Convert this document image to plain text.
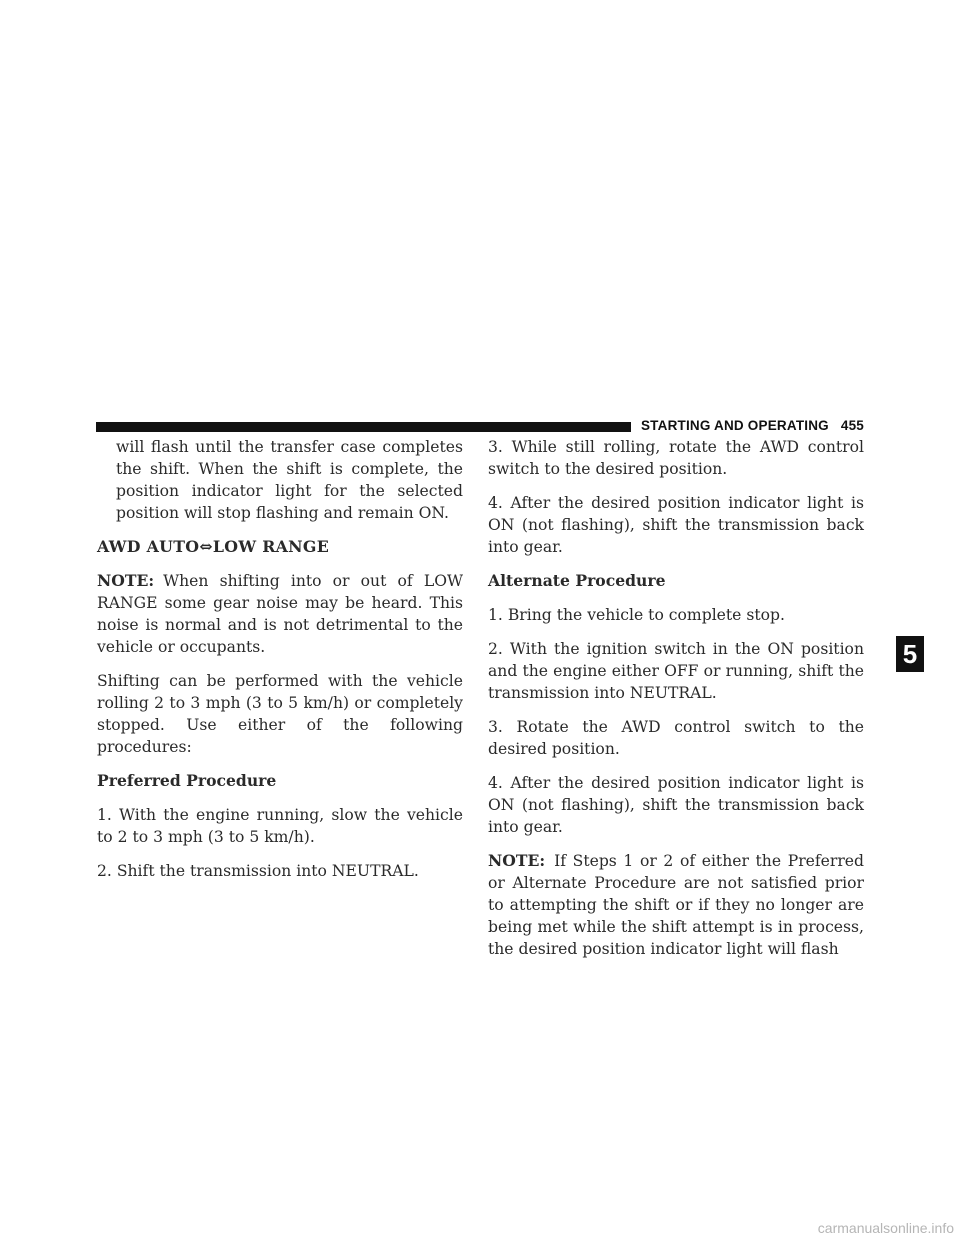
STARTING AND OPERATING 455

will flash until the transfer case completes the shift. When the shift is complete, the position indicator light for the selected position will stop flashing and remain ON.

AWD AUTO⇔LOW RANGE

NOTE: When shifting into or out of LOW RANGE some gear noise may be heard. This noise is normal and is not detrimental to the vehicle or occupants.

Shifting can be performed with the vehicle rolling 2 to 3 mph (3 to 5 km/h) or completely stopped. Use either of the following procedures:

Preferred Procedure

1. With the engine running, slow the vehicle to 2 to 3 mph (3 to 5 km/h).

2. Shift the transmission into NEUTRAL.

3. While still rolling, rotate the AWD control switch to the desired position.

4. After the desired position indicator light is ON (not flashing), shift the transmission back into gear.

Alternate Procedure

1. Bring the vehicle to complete stop.

2. With the ignition switch in the ON position and the engine either OFF or running, shift the transmission into NEUTRAL.

3. Rotate the AWD control switch to the desired position.

4. After the desired position indicator light is ON (not flashing), shift the transmission back into gear.

NOTE: If Steps 1 or 2 of either the Preferred or Alternate Procedure are not satisfied prior to attempting the shift or if they no longer are being met while the shift attempt is in process, the desired position indicator light will flash

5
carmanualsonline.info
